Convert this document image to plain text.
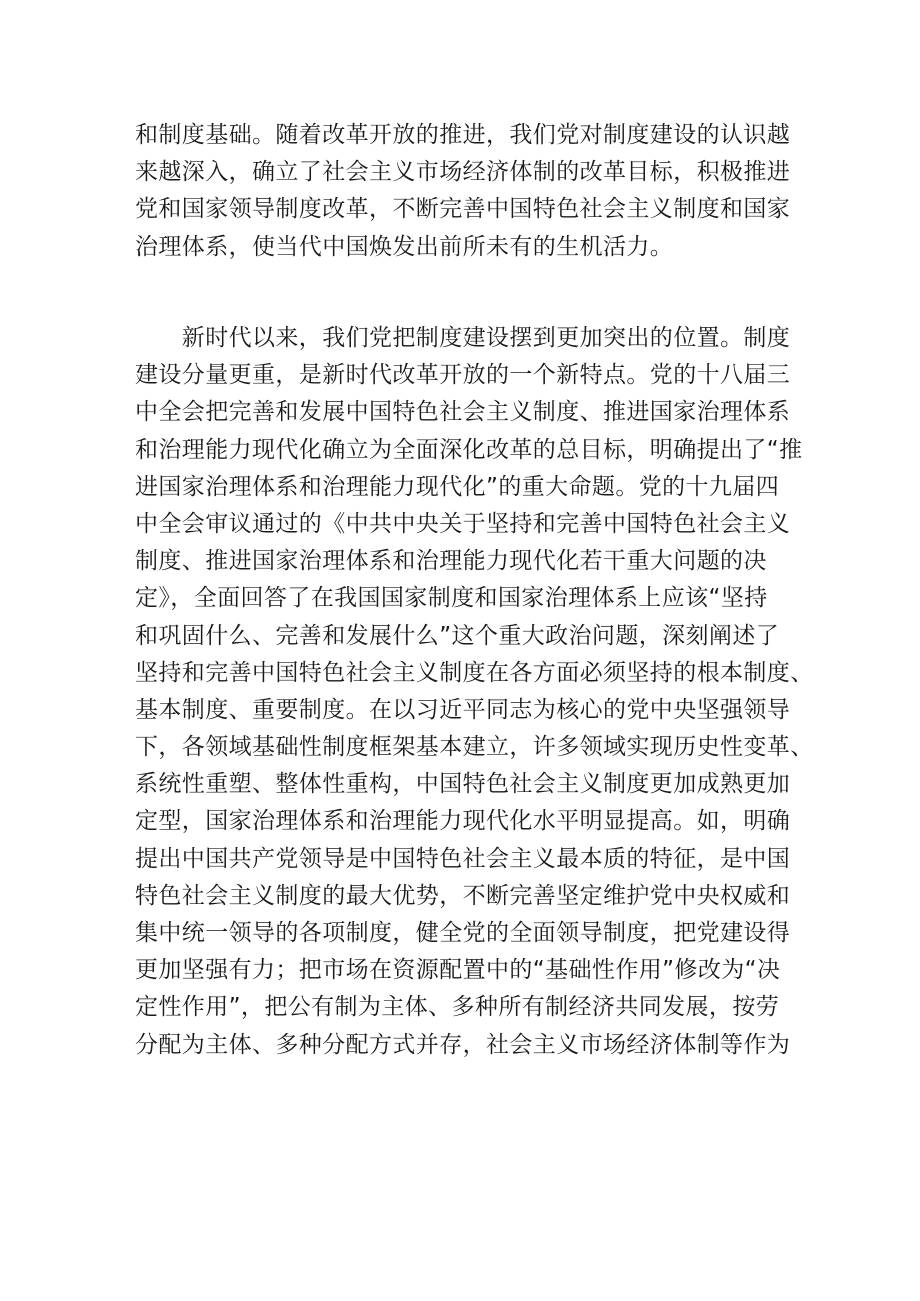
和制度基础。随着改革开放的推进，我们党对制度建设的认识越
来越深入，确立了社会主义市场经济体制的改革目标，积极推进
党和国家领导制度改革，不断完善中国特色社会主义制度和国家
治理体系，使当代中国焕发出前所未有的生机活力。
　　新时代以来，我们党把制度建设摆到更加突出的位置。制度
建设分量更重，是新时代改革开放的一个新特点。党的十八届三
中全会把完善和发展中国特色社会主义制度、推进国家治理体系
和治理能力现代化确立为全面深化改革的总目标，明确提出了“推
进国家治理体系和治理能力现代化”的重大命题。党的十九届四
中全会审议通过的《中共中央关于坚持和完善中国特色社会主义
制度、推进国家治理体系和治理能力现代化若干重大问题的决
定》，全面回答了在我国国家制度和国家治理体系上应该“坚持
和巩固什么、完善和发展什么”这个重大政治问题，深刻阐述了
坚持和完善中国特色社会主义制度在各方面必须坚持的根本制度、
基本制度、重要制度。在以习近平同志为核心的党中央坚强领导
下，各领域基础性制度框架基本建立，许多领域实现历史性变革、
系统性重塑、整体性重构，中国特色社会主义制度更加成熟更加
定型，国家治理体系和治理能力现代化水平明显提高。如，明确
提出中国共产党领导是中国特色社会主义最本质的特征，是中国
特色社会主义制度的最大优势，不断完善坚定维护党中央权威和
集中统一领导的各项制度，健全党的全面领导制度，把党建设得
更加坚强有力；把市场在资源配置中的“基础性作用”修改为“决
定性作用”，把公有制为主体、多种所有制经济共同发展，按劳
分配为主体、多种分配方式并存，社会主义市场经济体制等作为
